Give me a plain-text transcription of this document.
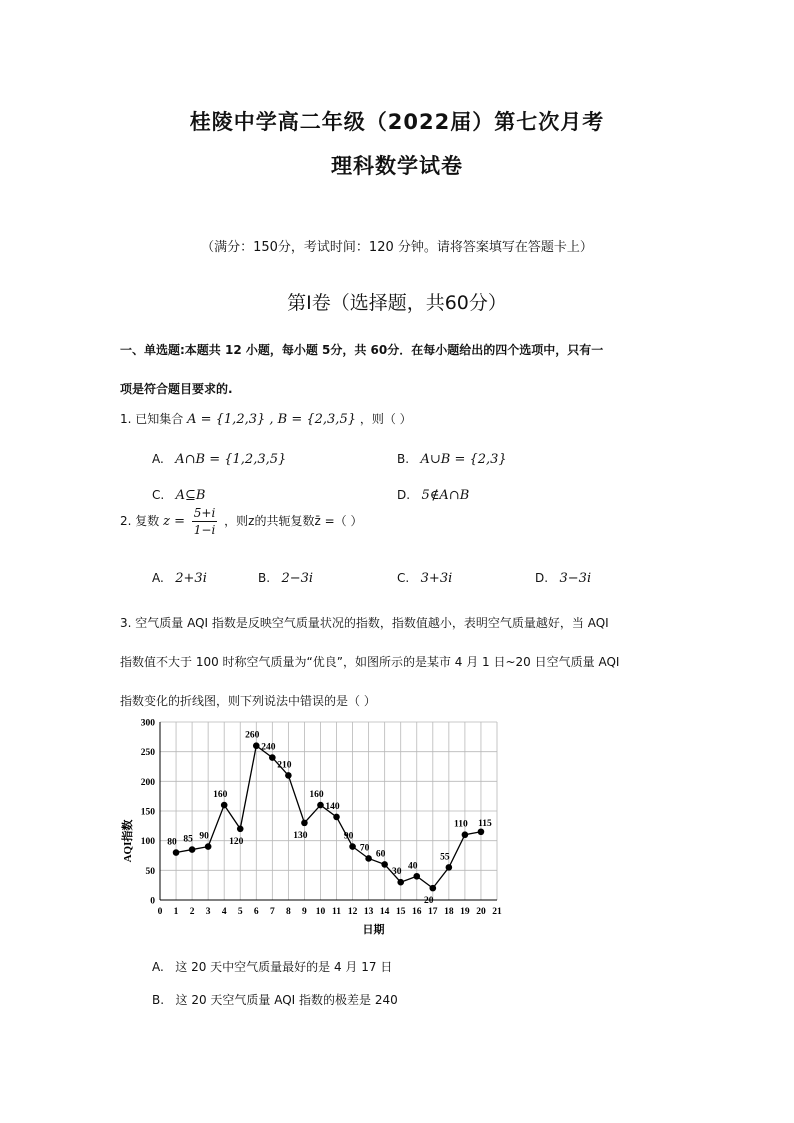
桂陵中学高二年级（2022届）第七次月考
理科数学试卷
（满分：150分，考试时间：120 分钟。请将答案填写在答题卡上）
第Ⅰ卷（选择题，共60分）
一、单选题:本题共 12 小题，每小题 5分，共 60分．在每小题给出的四个选项中，只有一
项是符合题目要求的.
1. 已知集合 A = {1,2,3} , B = {2,3,5} ，则（ ）
A. A∩B = {1,2,3,5}	B. A∪B = {2,3}
C. A⊆B	D. 5∉A∩B
2. 复数 $z = \frac{5+i}{1-i}$ ，则z的共轭复数z̄ =（ ）
A. 2+3i	B. 2−3i	C. 3+3i	D. 3−3i
3. 空气质量 AQI 指数是反映空气质量状况的指数，指数值越小，表明空气质量越好，当 AQI
指数值不大于 100 时称空气质量为“优良”，如图所示的是某市 4 月 1 日~20 日空气质量 AQI
指数变化的折线图，则下列说法中错误的是（ ）
0 1 2 3 4 5 6 7 8 9 10 11 12 13 14 15 16 17 18 19 20 21
0
50
100
150
200
250
300
日期
AQI指数	80 85 90
160
120
260
240
210
130
160
140
90
70
60
30
40
20
55
110 115
A. 这 20 天中空气质量最好的是 4 月 17 日
B. 这 20 天空气质量 AQI 指数的极差是 240
